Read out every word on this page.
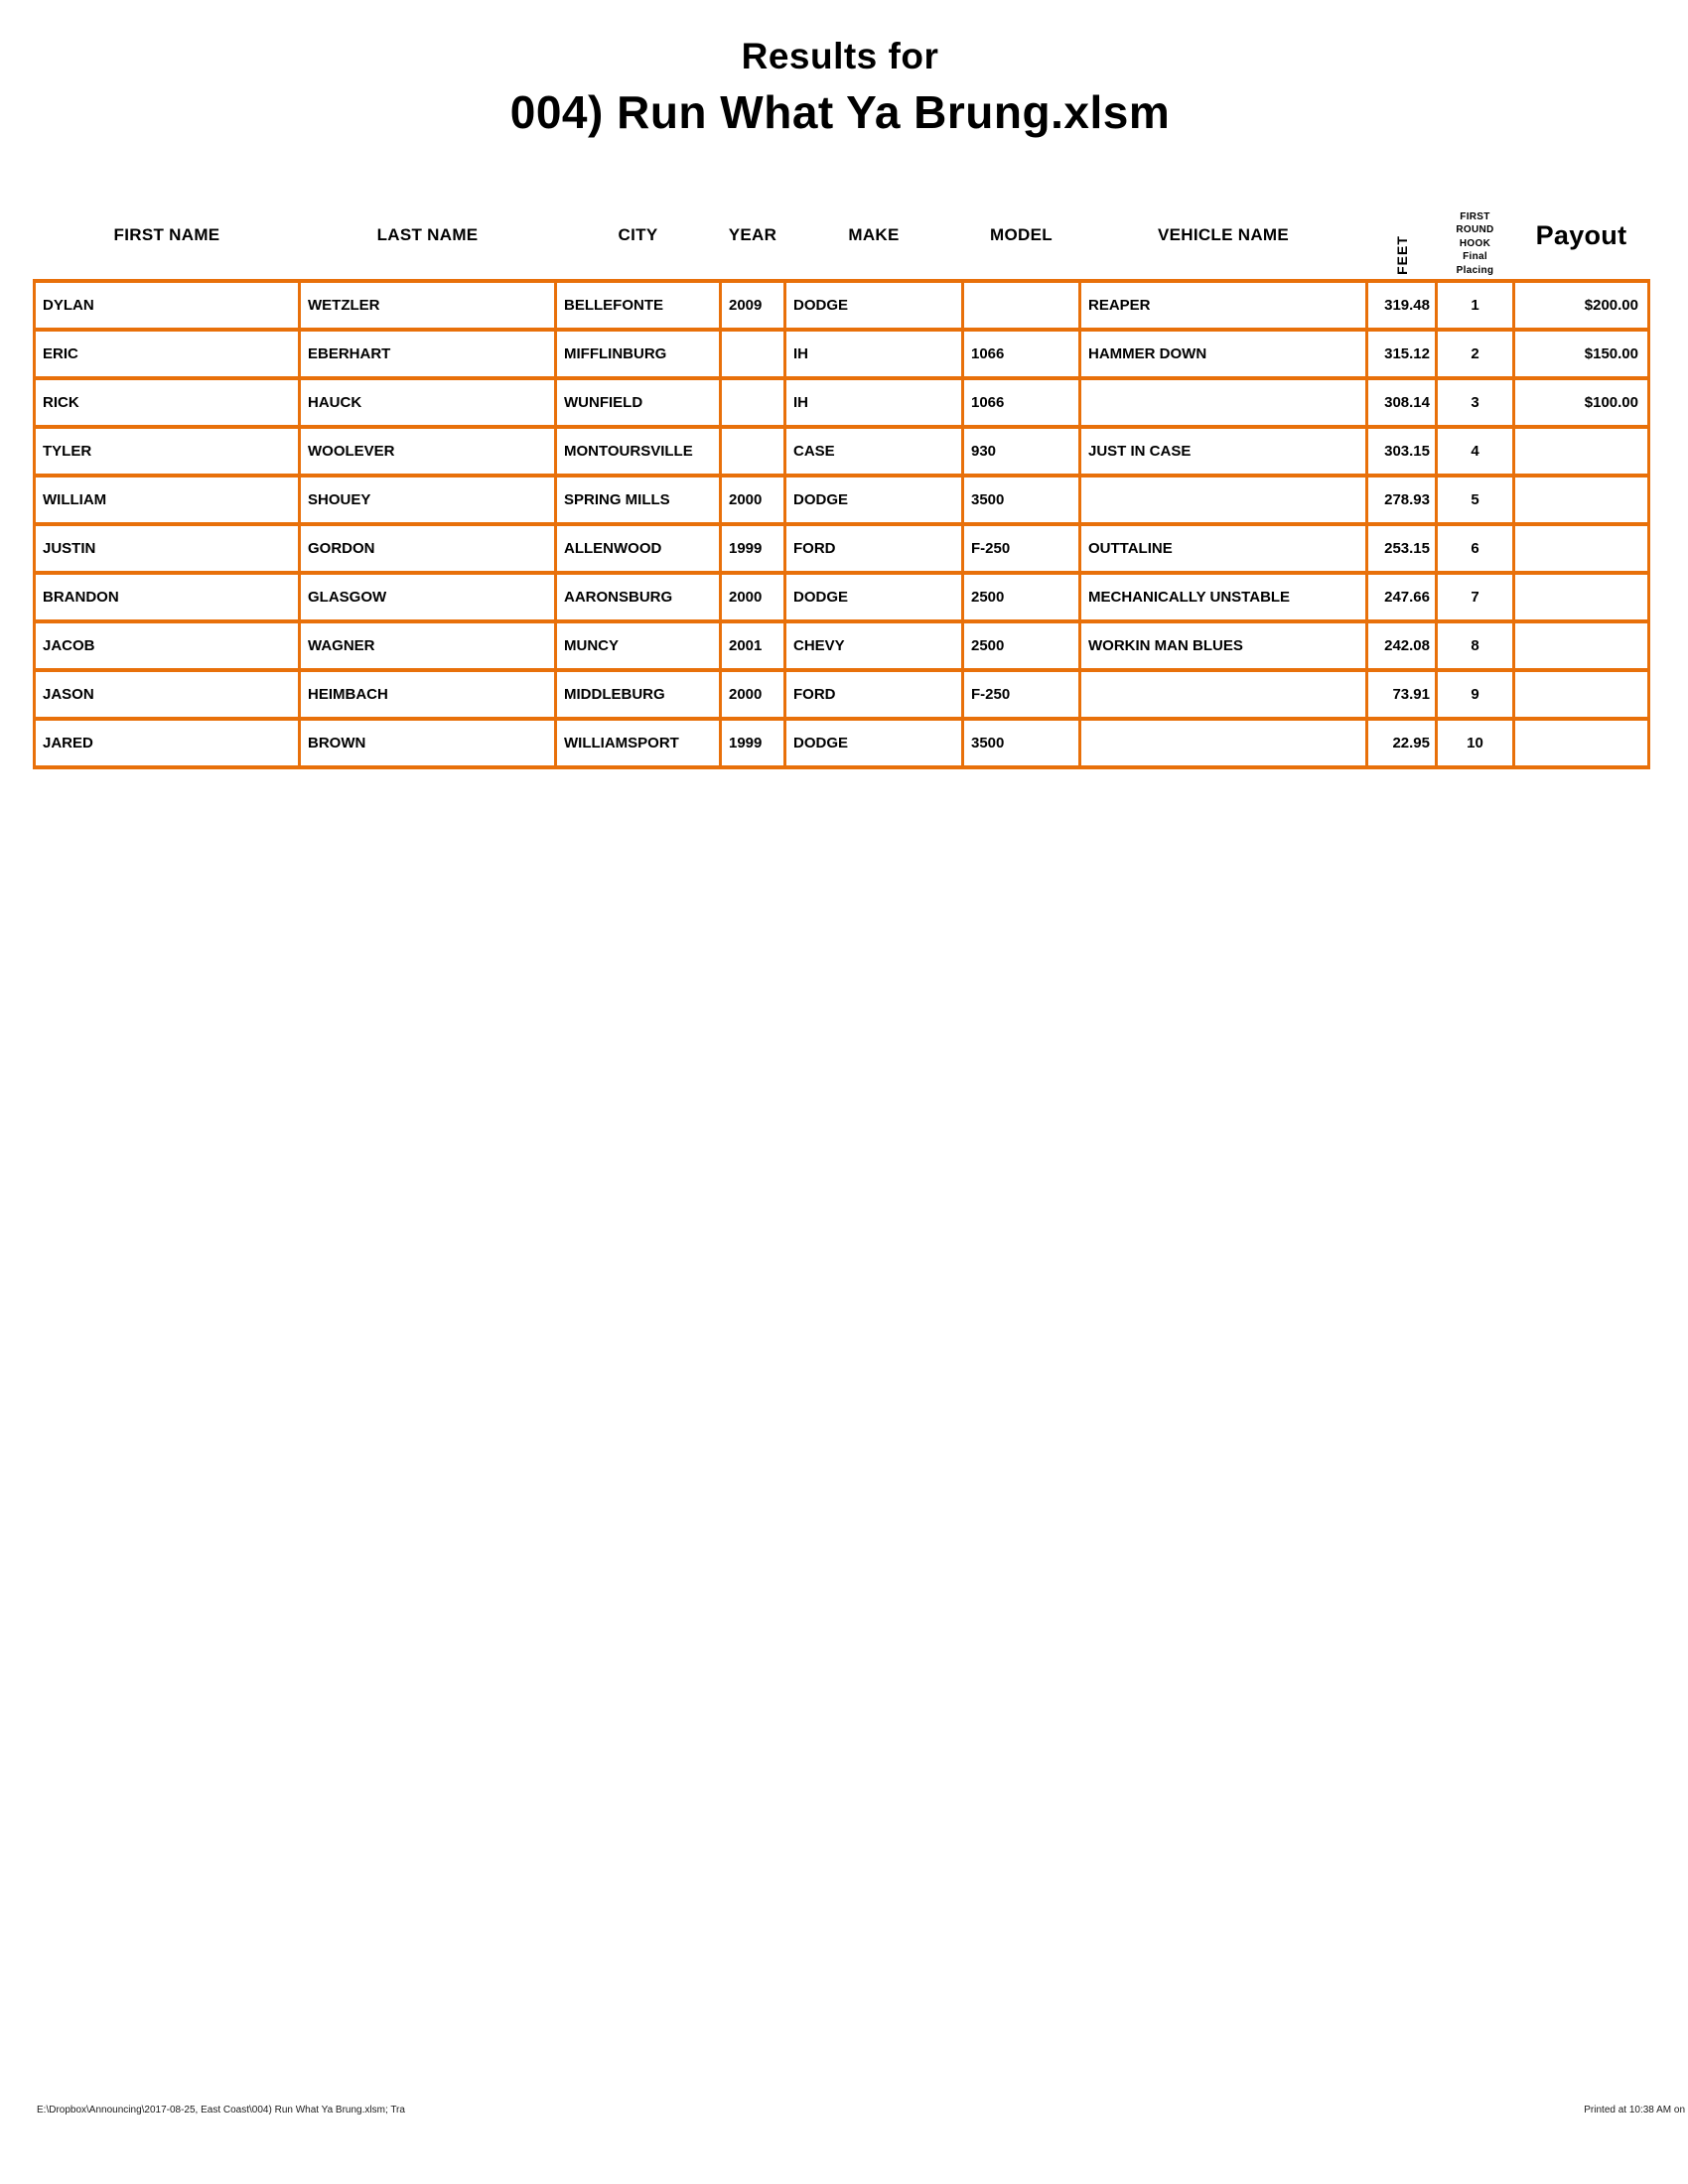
Results for
004) Run What Ya Brung.xlsm
FIRST NAME	LAST NAME	CITY	YEAR	MAKE	MODEL	VEHICLE NAME	FEET	FIRST
ROUND
HOOK
Final
Placing	Payout
DYLAN	WETZLER	BELLEFONTE	2009	DODGE		REAPER	319.48	1	$200.00
ERIC	EBERHART	MIFFLINBURG		IH	1066	HAMMER DOWN	315.12	2	$150.00
RICK	HAUCK	WUNFIELD		IH	1066		308.14	3	$100.00
TYLER	WOOLEVER	MONTOURSVILLE		CASE	930	JUST IN CASE	303.15	4	
WILLIAM	SHOUEY	SPRING MILLS	2000	DODGE	3500		278.93	5	
JUSTIN	GORDON	ALLENWOOD	1999	FORD	F-250	OUTTALINE	253.15	6	
BRANDON	GLASGOW	AARONSBURG	2000	DODGE	2500	MECHANICALLY UNSTABLE	247.66	7	
JACOB	WAGNER	MUNCY	2001	CHEVY	2500	WORKIN MAN BLUES	242.08	8	
JASON	HEIMBACH	MIDDLEBURG	2000	FORD	F-250		73.91	9	
JARED	BROWN	WILLIAMSPORT	1999	DODGE	3500		22.95	10	
E:\Dropbox\Announcing\2017-08-25, East Coast\004) Run What Ya Brung.xlsm; Tra	Printed at 10:38 AM on
